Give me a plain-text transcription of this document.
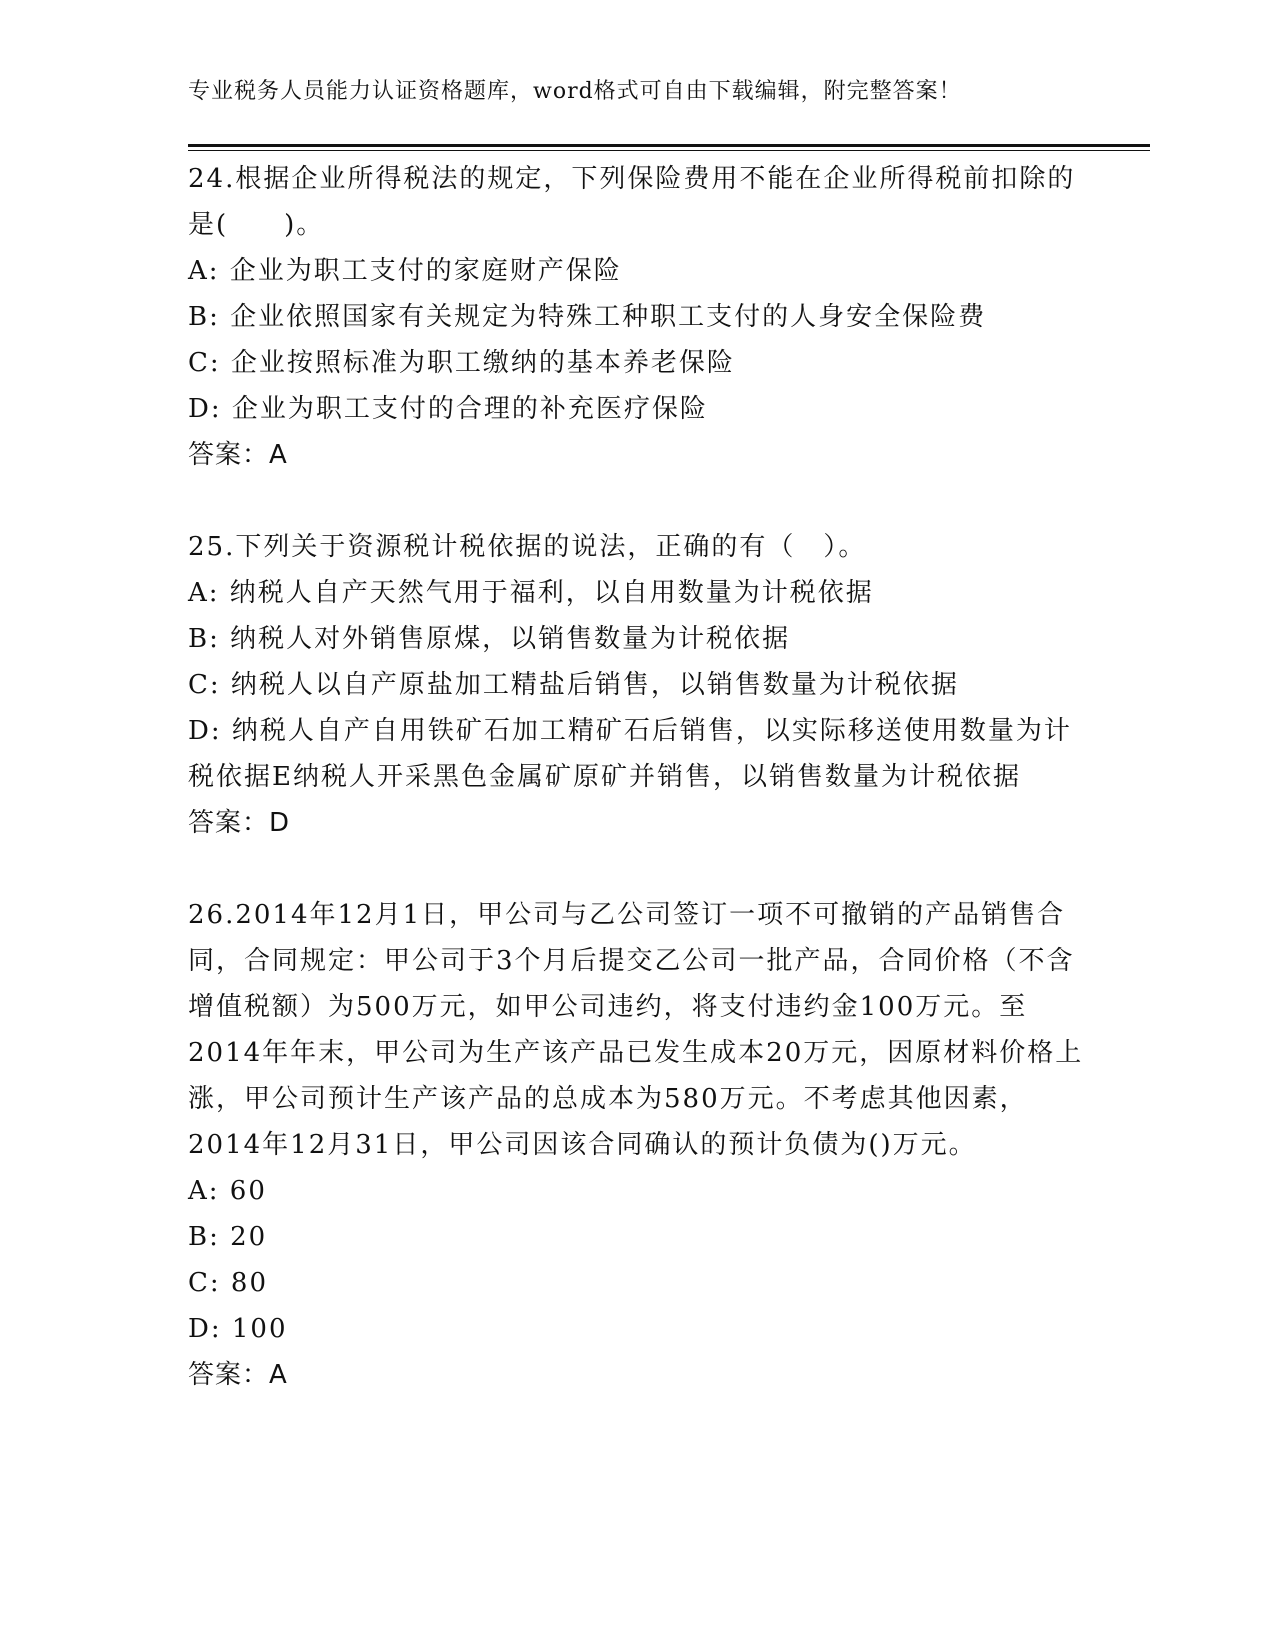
专业税务人员能力认证资格题库，word格式可自由下载编辑，附完整答案！
24.根据企业所得税法的规定，下列保险费用不能在企业所得税前扣除的是(　　)。
A: 企业为职工支付的家庭财产保险
B: 企业依照国家有关规定为特殊工种职工支付的人身安全保险费
C: 企业按照标准为职工缴纳的基本养老保险
D: 企业为职工支付的合理的补充医疗保险
答案：A
25.下列关于资源税计税依据的说法，正确的有（　）。
A: 纳税人自产天然气用于福利，以自用数量为计税依据
B: 纳税人对外销售原煤，以销售数量为计税依据
C: 纳税人以自产原盐加工精盐后销售，以销售数量为计税依据
D: 纳税人自产自用铁矿石加工精矿石后销售，以实际移送使用数量为计税依据E纳税人开采黑色金属矿原矿并销售，以销售数量为计税依据
答案：D
26.2014年12月1日，甲公司与乙公司签订一项不可撤销的产品销售合同，合同规定：甲公司于3个月后提交乙公司一批产品，合同价格（不含增值税额）为500万元，如甲公司违约，将支付违约金100万元。至2014年年末，甲公司为生产该产品已发生成本20万元，因原材料价格上涨，甲公司预计生产该产品的总成本为580万元。不考虑其他因素，2014年12月31日，甲公司因该合同确认的预计负债为()万元。
A: 60
B: 20
C: 80
D: 100
答案：A
